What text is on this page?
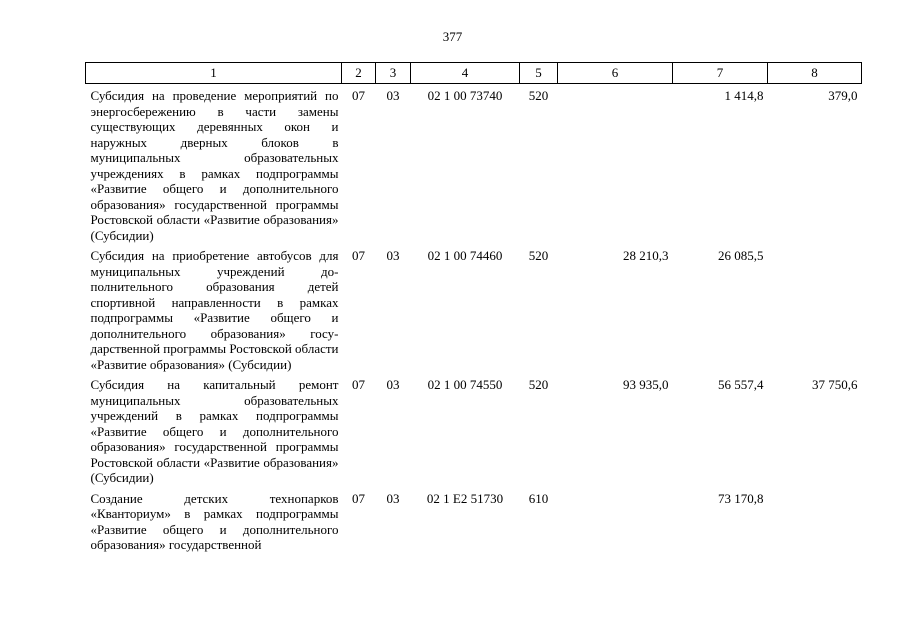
377
1	2	3	4	5	6	7	8
Субсидия на проведение мероприятий по энергосбережению в части замены существующих деревянных окон и наружных дверных блоков в муниципальных образовательных учреждениях в рамках подпрограммы «Развитие общего и дополнительного образования» государственной программы Ростовской области «Развитие образования» (Субсидии)	07	03	02 1 00 73740	520		1 414,8	379,0
Субсидия на приобретение автобусов для муниципальных учреждений дополнительного образования детей спортивной направленности в рамках подпрограммы «Развитие общего и дополнительного образования» государственной программы Ростовской области «Развитие образования» (Субсидии)	07	03	02 1 00 74460	520	28 210,3	26 085,5	
Субсидия на капитальный ремонт муниципальных образовательных учреждений в рамках подпрограммы «Развитие общего и дополнительного образования» государственной программы Ростовской области «Развитие образования» (Субсидии)	07	03	02 1 00 74550	520	93 935,0	56 557,4	37 750,6
Создание детских технопарков «Кванториум» в рамках подпрограммы «Развитие общего и дополнительного образования» государственной	07	03	02 1 E2 51730	610		73 170,8	
